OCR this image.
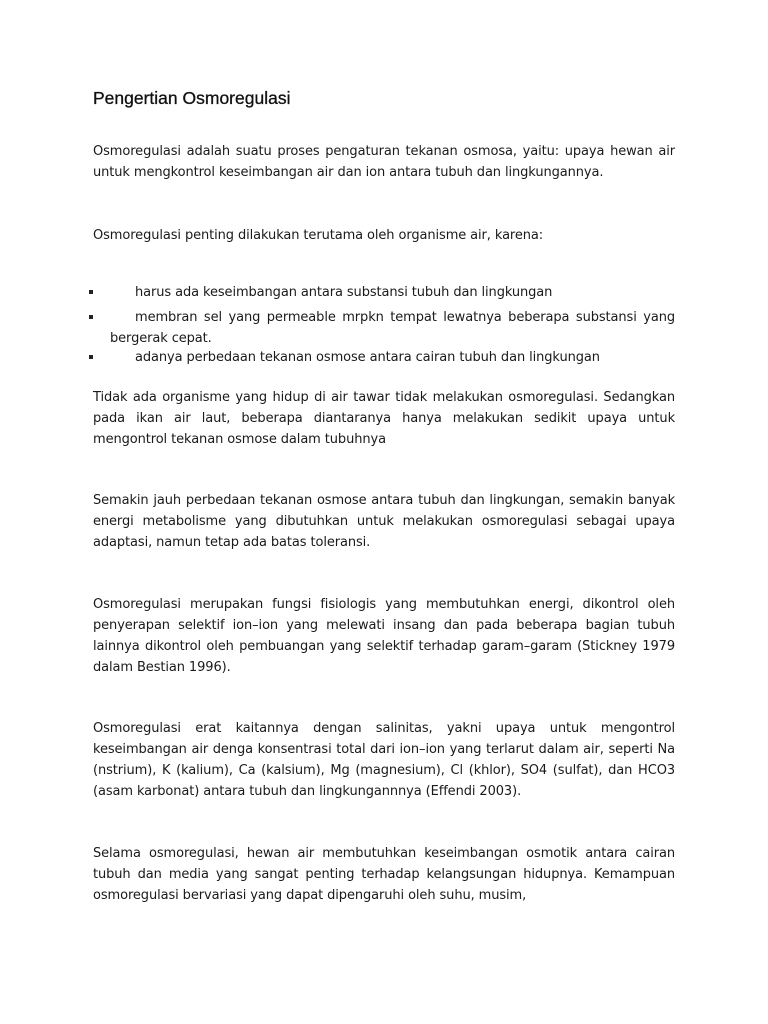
Pengertian Osmoregulasi

Osmoregulasi adalah suatu proses pengaturan tekanan osmosa, yaitu: upaya hewan air untuk mengkontrol keseimbangan air dan ion antara tubuh dan lingkungannya.

Osmoregulasi penting dilakukan terutama oleh organisme air, karena:

harus ada keseimbangan antara substansi tubuh dan lingkungan
membran sel yang permeable mrpkn tempat lewatnya beberapa substansi yang bergerak cepat.
adanya perbedaan tekanan osmose antara cairan tubuh dan lingkungan

Tidak ada organisme yang hidup di air tawar tidak melakukan osmoregulasi. Sedangkan pada ikan air laut, beberapa diantaranya hanya melakukan sedikit upaya untuk mengontrol tekanan osmose dalam tubuhnya

Semakin jauh perbedaan tekanan osmose antara tubuh dan lingkungan, semakin banyak energi metabolisme yang dibutuhkan untuk melakukan osmoregulasi sebagai upaya adaptasi, namun tetap ada batas toleransi.

Osmoregulasi merupakan fungsi fisiologis yang membutuhkan energi, dikontrol oleh penyerapan selektif ion–ion yang melewati insang dan pada beberapa bagian tubuh lainnya dikontrol oleh pembuangan yang selektif terhadap garam–garam (Stickney 1979 dalam Bestian 1996).

Osmoregulasi erat kaitannya dengan salinitas, yakni upaya untuk mengontrol keseimbangan air denga konsentrasi total dari ion–ion yang terlarut dalam air, seperti Na (nstrium), K (kalium), Ca (kalsium), Mg (magnesium), Cl (khlor), SO4 (sulfat), dan HCO3 (asam karbonat) antara tubuh dan lingkungannnya (Effendi 2003).

Selama osmoregulasi, hewan air membutuhkan keseimbangan osmotik antara cairan tubuh dan media yang sangat penting terhadap kelangsungan hidupnya. Kemampuan osmoregulasi bervariasi yang dapat dipengaruhi oleh suhu, musim,
